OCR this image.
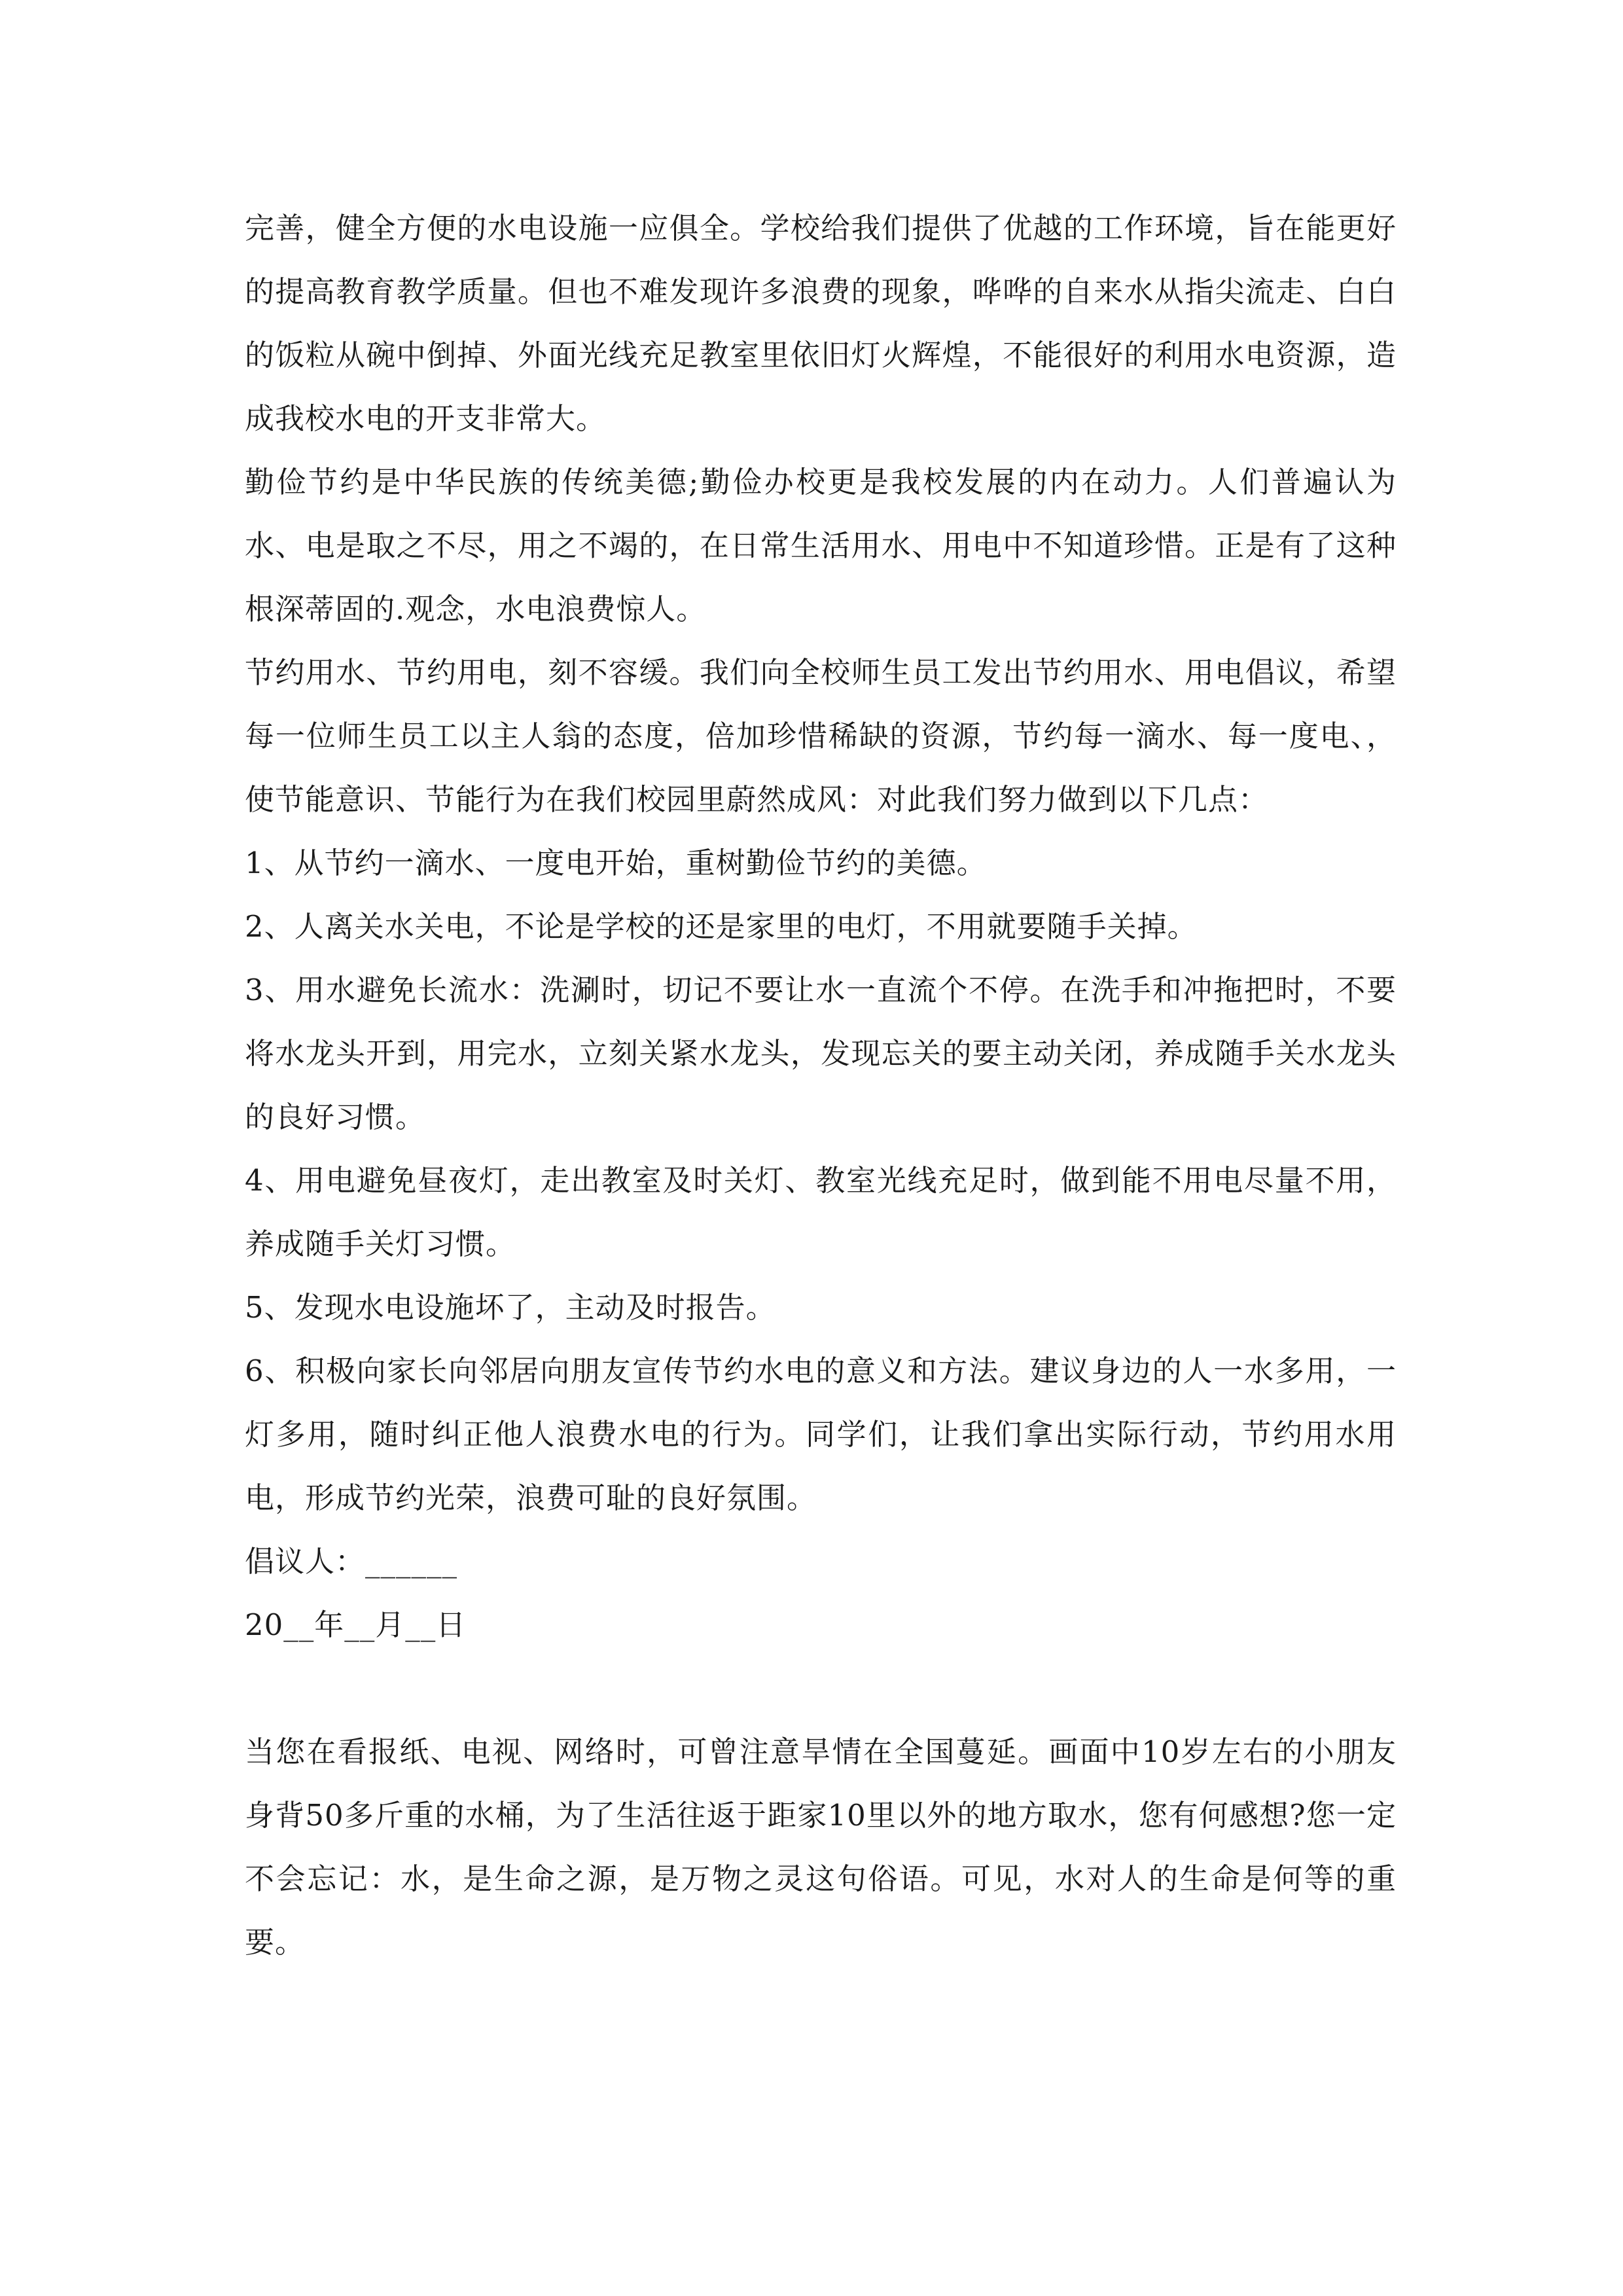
完善，健全方便的水电设施一应俱全。学校给我们提供了优越的工作环境，旨在能更好的提高教育教学质量。但也不难发现许多浪费的现象，哗哗的自来水从指尖流走、白白的饭粒从碗中倒掉、外面光线充足教室里依旧灯火辉煌，不能很好的利用水电资源，造成我校水电的开支非常大。

勤俭节约是中华民族的传统美德;勤俭办校更是我校发展的内在动力。人们普遍认为水、电是取之不尽，用之不竭的，在日常生活用水、用电中不知道珍惜。正是有了这种根深蒂固的.观念，水电浪费惊人。

节约用水、节约用电，刻不容缓。我们向全校师生员工发出节约用水、用电倡议，希望每一位师生员工以主人翁的态度，倍加珍惜稀缺的资源，节约每一滴水、每一度电、，使节能意识、节能行为在我们校园里蔚然成风：对此我们努力做到以下几点：

1、从节约一滴水、一度电开始，重树勤俭节约的美德。

2、人离关水关电，不论是学校的还是家里的电灯，不用就要随手关掉。

3、用水避免长流水：洗涮时，切记不要让水一直流个不停。在洗手和冲拖把时，不要将水龙头开到，用完水，立刻关紧水龙头，发现忘关的要主动关闭，养成随手关水龙头的良好习惯。

4、用电避免昼夜灯，走出教室及时关灯、教室光线充足时，做到能不用电尽量不用，养成随手关灯习惯。

5、发现水电设施坏了，主动及时报告。

6、积极向家长向邻居向朋友宣传节约水电的意义和方法。建议身边的人一水多用，一灯多用，随时纠正他人浪费水电的行为。同学们，让我们拿出实际行动，节约用水用电，形成节约光荣，浪费可耻的良好氛围。

倡议人：______

20__年__月__日

当您在看报纸、电视、网络时，可曾注意旱情在全国蔓延。画面中10岁左右的小朋友身背50多斤重的水桶，为了生活往返于距家10里以外的地方取水，您有何感想?您一定不会忘记：水，是生命之源，是万物之灵这句俗语。可见，水对人的生命是何等的重要。
